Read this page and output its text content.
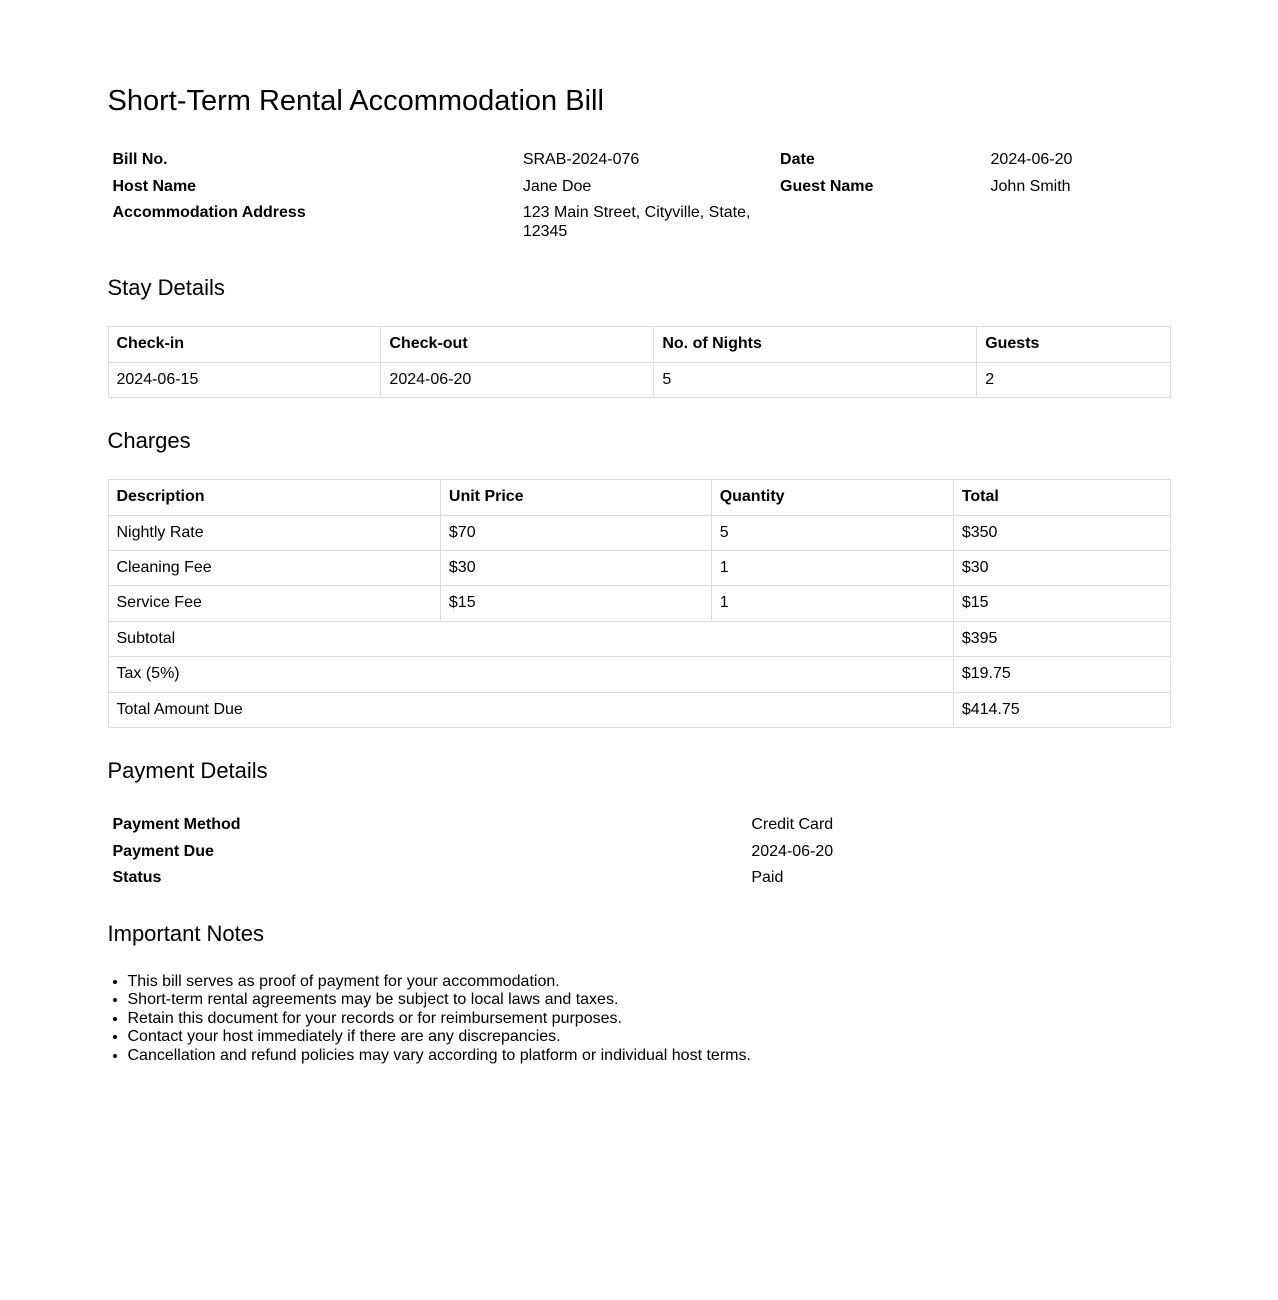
Short-Term Rental Accommodation Bill
Bill No.	SRAB-2024-076	Date	2024-06-20
Host Name	Jane Doe	Guest Name	John Smith
Accommodation Address	123 Main Street, Cityville, State, 12345		
Stay Details
Check-in	Check-out	No. of Nights	Guests
2024-06-15	2024-06-20	5	2
Charges
Description	Unit Price	Quantity	Total
Nightly Rate	$70	5	$350
Cleaning Fee	$30	1	$30
Service Fee	$15	1	$15
Subtotal			$395
Tax (5%)			$19.75
Total Amount Due			$414.75
Payment Details
Payment Method	Credit Card
Payment Due	2024-06-20
Status	Paid
Important Notes
• This bill serves as proof of payment for your accommodation.
• Short-term rental agreements may be subject to local laws and taxes.
• Retain this document for your records or for reimbursement purposes.
• Contact your host immediately if there are any discrepancies.
• Cancellation and refund policies may vary according to platform or individual host terms.
